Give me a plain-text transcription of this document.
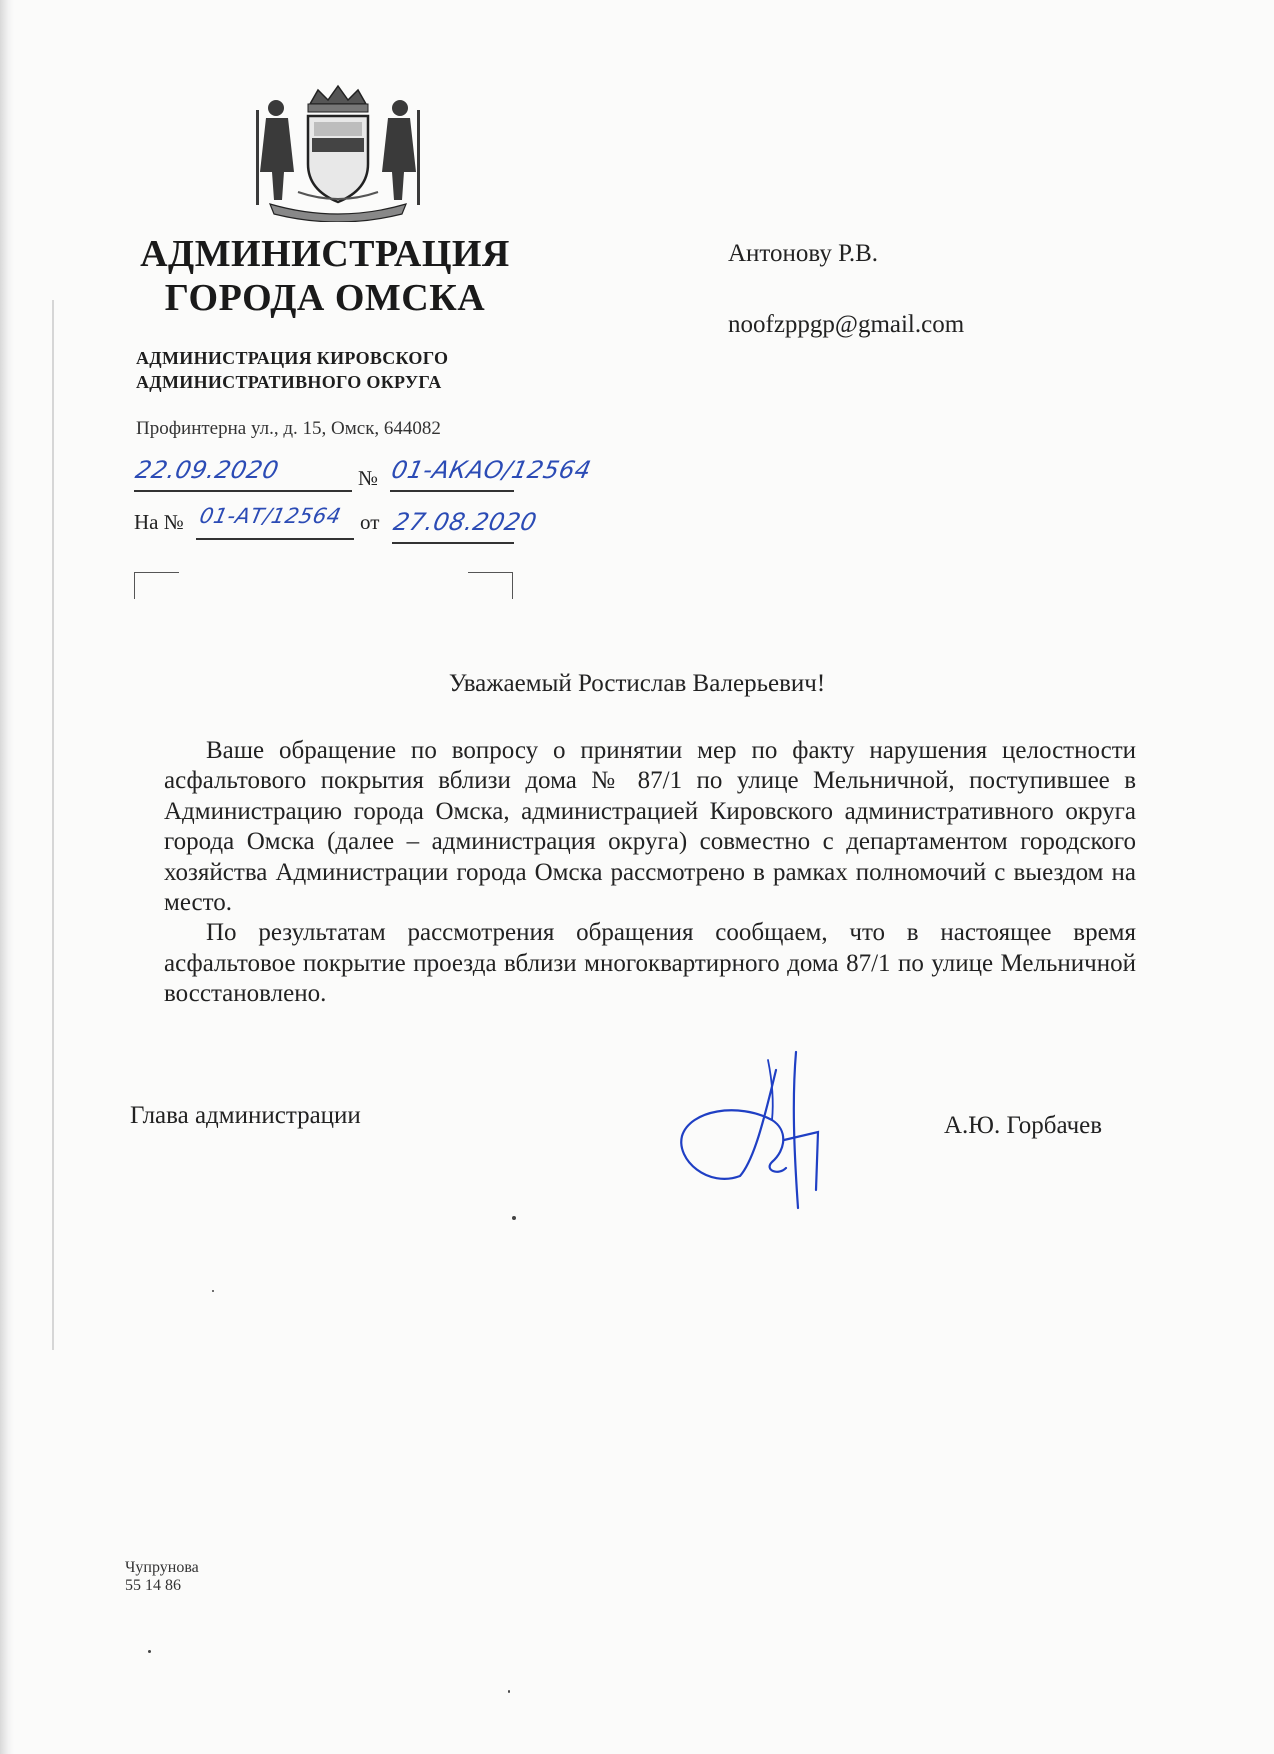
АДМИНИСТРАЦИЯ
ГОРОДА ОМСКА
АДМИНИСТРАЦИЯ КИРОВСКОГО
АДМИНИСТРАТИВНОГО ОКРУГА
Профинтерна ул., д. 15, Омск, 644082
Антонову Р.В.
noofzppgp@gmail.com
22.09.2020	№ 01-АКАО/12564
На № 01-АТ/12564 от 27.08.2020
Уважаемый Ростислав Валерьевич!

Ваше обращение по вопросу о принятии мер по факту нарушения целостности асфальтового покрытия вблизи дома № 87/1 по улице Мельничной, поступившее в Администрацию города Омска, администрацией Кировского административного округа города Омска (далее – администрация округа) совместно с департаментом городского хозяйства Администрации города Омска рассмотрено в рамках полномочий с выездом на место.

По результатам рассмотрения обращения сообщаем, что в настоящее время асфальтовое покрытие проезда вблизи многоквартирного дома 87/1 по улице Мельничной восстановлено.

Глава администрации	А.Ю. Горбачев
Чупрунова
55 14 86
